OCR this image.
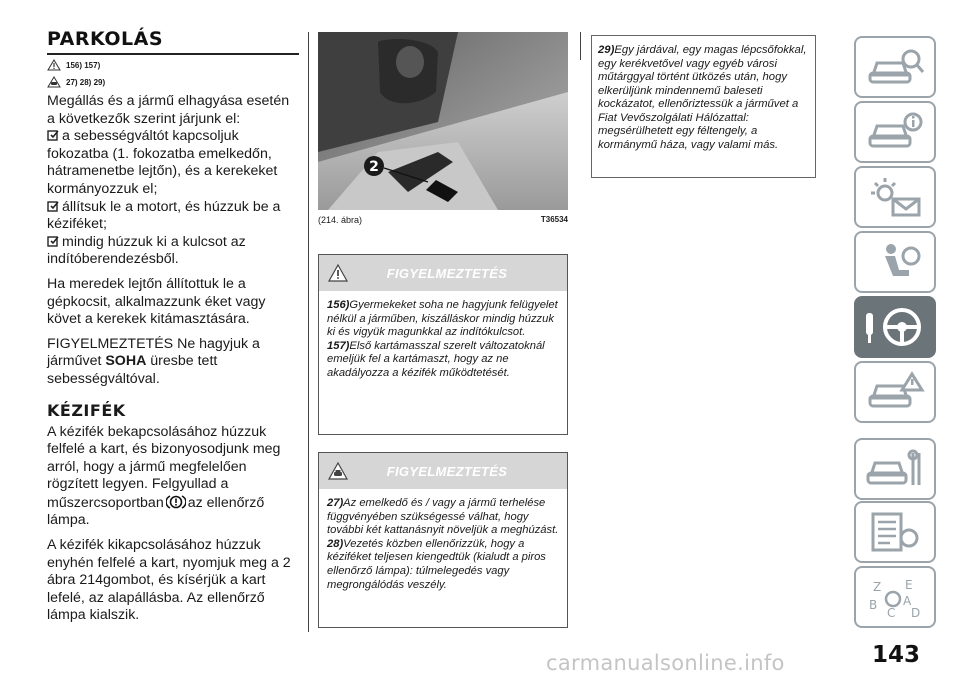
PARKOLÁS
156) 157)
27) 28) 29)

Megállás és a jármű elhagyása esetén a következők szerint járjunk el:

a sebességváltót kapcsoljuk fokozatba (1. fokozatba emelkedőn, hátramenetbe lejtőn), és a kerekeket kormányozzuk el;

állítsuk le a motort, és húzzuk be a kéziféket;

mindig húzzuk ki a kulcsot az indítóberendezésből.

Ha meredek lejtőn állítottuk le a gépkocsit, alkalmazzunk éket vagy követ a kerekek kitámasztására.

FIGYELMEZTETÉS Ne hagyjuk a járművet SOHA üresbe tett sebességváltóval.

KÉZIFÉK

A kézifék bekapcsolásához húzzuk felfelé a kart, és bizonyosodjunk meg arról, hogy a jármű megfelelően rögzített legyen. Felgyullad a műszercsoportban az ellenőrző lámpa.

A kézifék kikapcsolásához húzzuk enyhén felfelé a kart, nyomjuk meg a 2 ábra 214gombot, és kísérjük a kart lefelé, az alapállásba. Az ellenőrző lámpa kialszik.

2
(214. ábra)	T36534
FIGYELMEZTETÉS

156)Gyermekeket soha ne hagyjunk felügyelet nélkül a járműben, kiszálláskor mindig húzzuk ki és vigyük magunkkal az indítókulcsot.

157)Első kartámasszal szerelt változatoknál emeljük fel a kartámaszt, hogy az ne akadályozza a kézifék működtetését.

FIGYELMEZTETÉS

27)Az emelkedő és / vagy a jármű terhelése függvényében szükségessé válhat, hogy további két kattanásnyit növeljük a meghúzást.

28)Vezetés közben ellenőrizzük, hogy a kéziféket teljesen kiengedtük (kialudt a piros ellenőrző lámpa): túlmelegedés vagy megrongálódás veszély.

29)Egy járdával, egy magas lépcsőfokkal, egy kerékvetővel vagy egyéb városi műtárggyal történt ütközés után, hogy elkerüljünk mindennemű baleseti kockázatot, ellenőriztessük a járművet a Fiat Vevőszolgálati Hálózattal: megsérülhetett egy féltengely, a kormánymű háza, vagy valami más.

Z E
B
C
A
D
143
carmanualsonline.info
